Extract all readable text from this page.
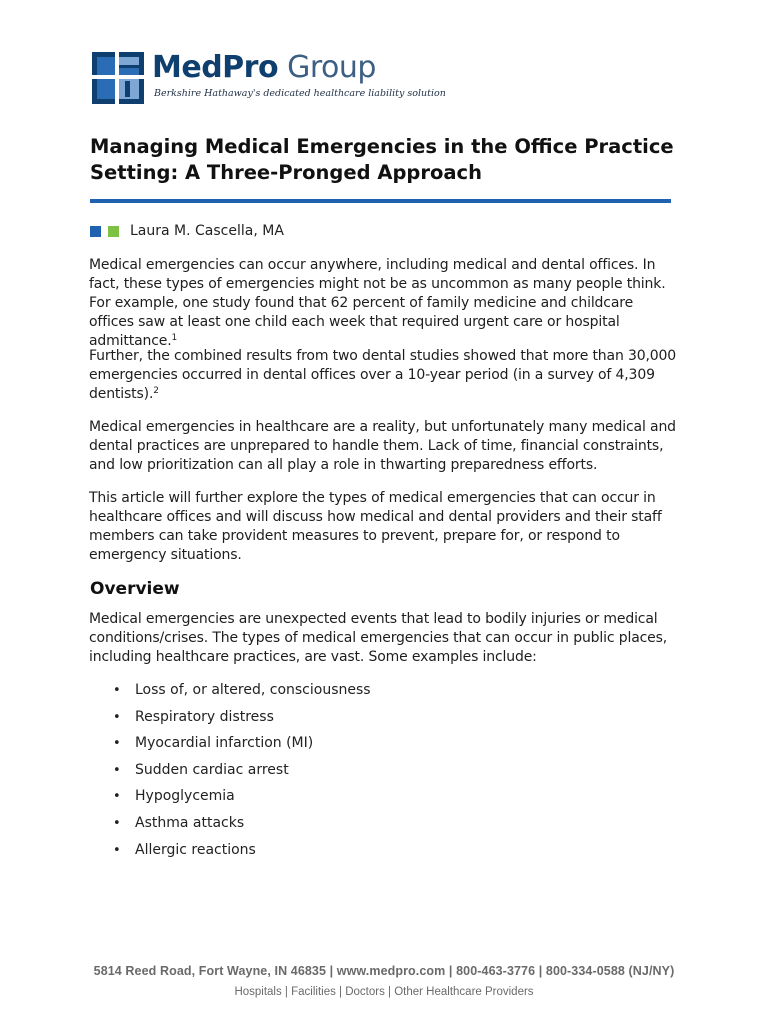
MedPro Group
Berkshire Hathaway's dedicated healthcare liability solution
Managing Medical Emergencies in the Office Practice Setting: A Three-Pronged Approach
Laura M. Cascella, MA

Medical emergencies can occur anywhere, including medical and dental offices. In fact, these types of emergencies might not be as uncommon as many people think. For example, one study found that 62 percent of family medicine and childcare offices saw at least one child each week that required urgent care or hospital admittance.$^1$

Further, the combined results from two dental studies showed that more than 30,000 emergencies occurred in dental offices over a 10-year period (in a survey of 4,309 dentists).$^2$

Medical emergencies in healthcare are a reality, but unfortunately many medical and dental practices are unprepared to handle them. Lack of time, financial constraints, and low prioritization can all play a role in thwarting preparedness efforts.

This article will further explore the types of medical emergencies that can occur in healthcare offices and will discuss how medical and dental providers and their staff members can take provident measures to prevent, prepare for, or respond to emergency situations.

Overview

Medical emergencies are unexpected events that lead to bodily injuries or medical conditions/crises. The types of medical emergencies that can occur in public places, including healthcare practices, are vast. Some examples include:

• Loss of, or altered, consciousness
• Respiratory distress
• Myocardial infarction (MI)
• Sudden cardiac arrest
• Hypoglycemia
• Asthma attacks
• Allergic reactions
5814 Reed Road, Fort Wayne, IN 46835 | www.medpro.com | 800-463-3776 | 800-334-0588 (NJ/NY)
Hospitals | Facilities | Doctors | Other Healthcare Providers
